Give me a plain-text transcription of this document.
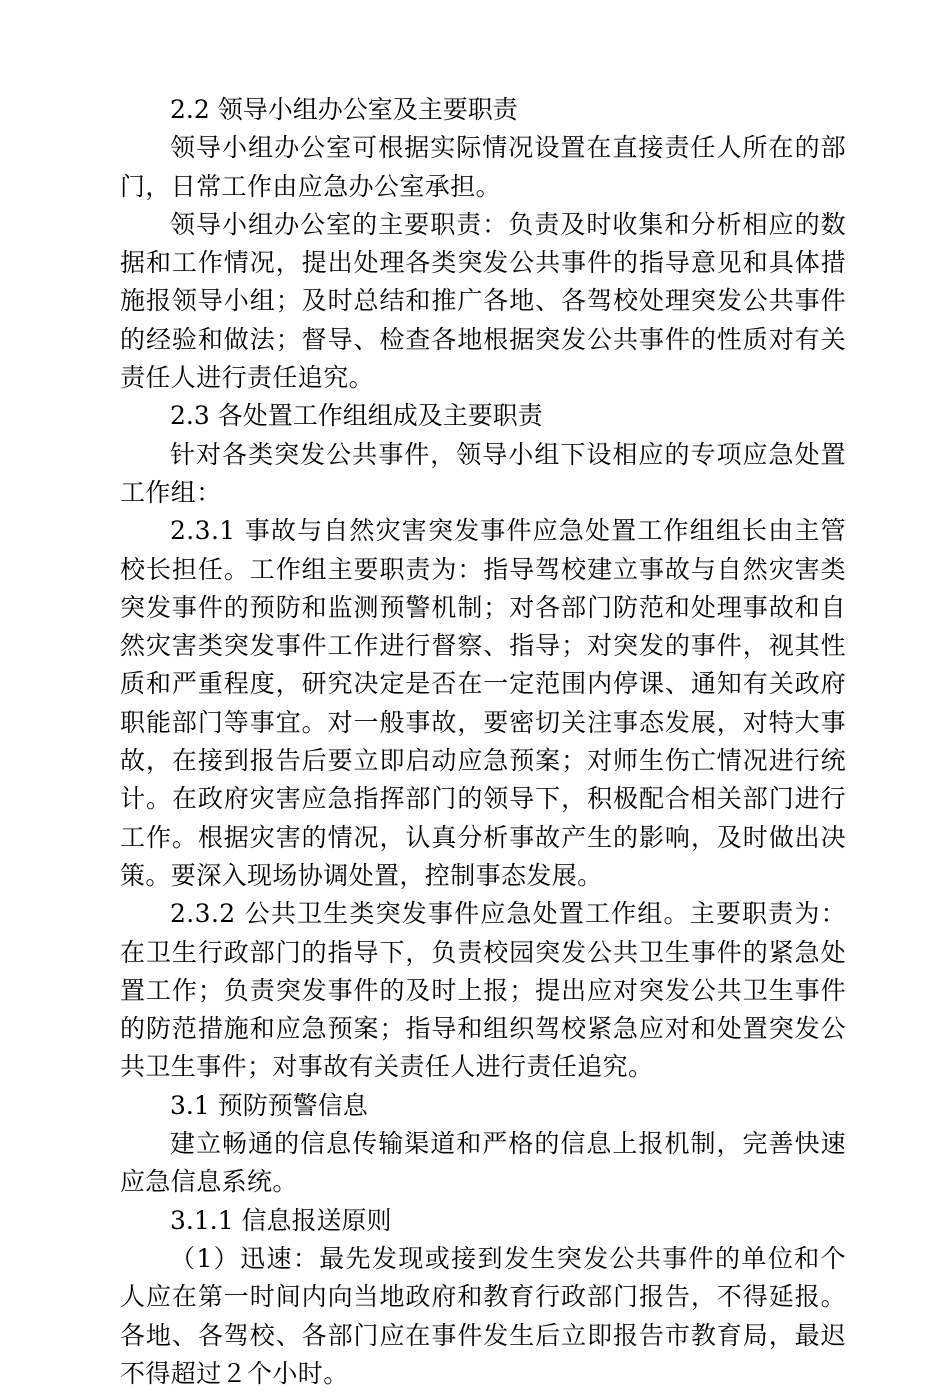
2.2 领导小组办公室及主要职责

领导小组办公室可根据实际情况设置在直接责任人所在的部门，日常工作由应急办公室承担。

领导小组办公室的主要职责：负责及时收集和分析相应的数据和工作情况，提出处理各类突发公共事件的指导意见和具体措施报领导小组；及时总结和推广各地、各驾校处理突发公共事件的经验和做法；督导、检查各地根据突发公共事件的性质对有关责任人进行责任追究。

2.3 各处置工作组组成及主要职责

针对各类突发公共事件，领导小组下设相应的专项应急处置工作组：

2.3.1 事故与自然灾害突发事件应急处置工作组组长由主管校长担任。工作组主要职责为：指导驾校建立事故与自然灾害类突发事件的预防和监测预警机制；对各部门防范和处理事故和自然灾害类突发事件工作进行督察、指导；对突发的事件，视其性质和严重程度，研究决定是否在一定范围内停课、通知有关政府职能部门等事宜。对一般事故，要密切关注事态发展，对特大事故，在接到报告后要立即启动应急预案；对师生伤亡情况进行统计。在政府灾害应急指挥部门的领导下，积极配合相关部门进行工作。根据灾害的情况，认真分析事故产生的影响，及时做出决策。要深入现场协调处置，控制事态发展。

2.3.2 公共卫生类突发事件应急处置工作组。主要职责为：在卫生行政部门的指导下，负责校园突发公共卫生事件的紧急处置工作；负责突发事件的及时上报；提出应对突发公共卫生事件的防范措施和应急预案；指导和组织驾校紧急应对和处置突发公共卫生事件；对事故有关责任人进行责任追究。

3.1 预防预警信息

建立畅通的信息传输渠道和严格的信息上报机制，完善快速应急信息系统。

3.1.1 信息报送原则

（1）迅速：最先发现或接到发生突发公共事件的单位和个人应在第一时间内向当地政府和教育行政部门报告，不得延报。各地、各驾校、各部门应在事件发生后立即报告市教育局，最迟不得超过２个小时。
